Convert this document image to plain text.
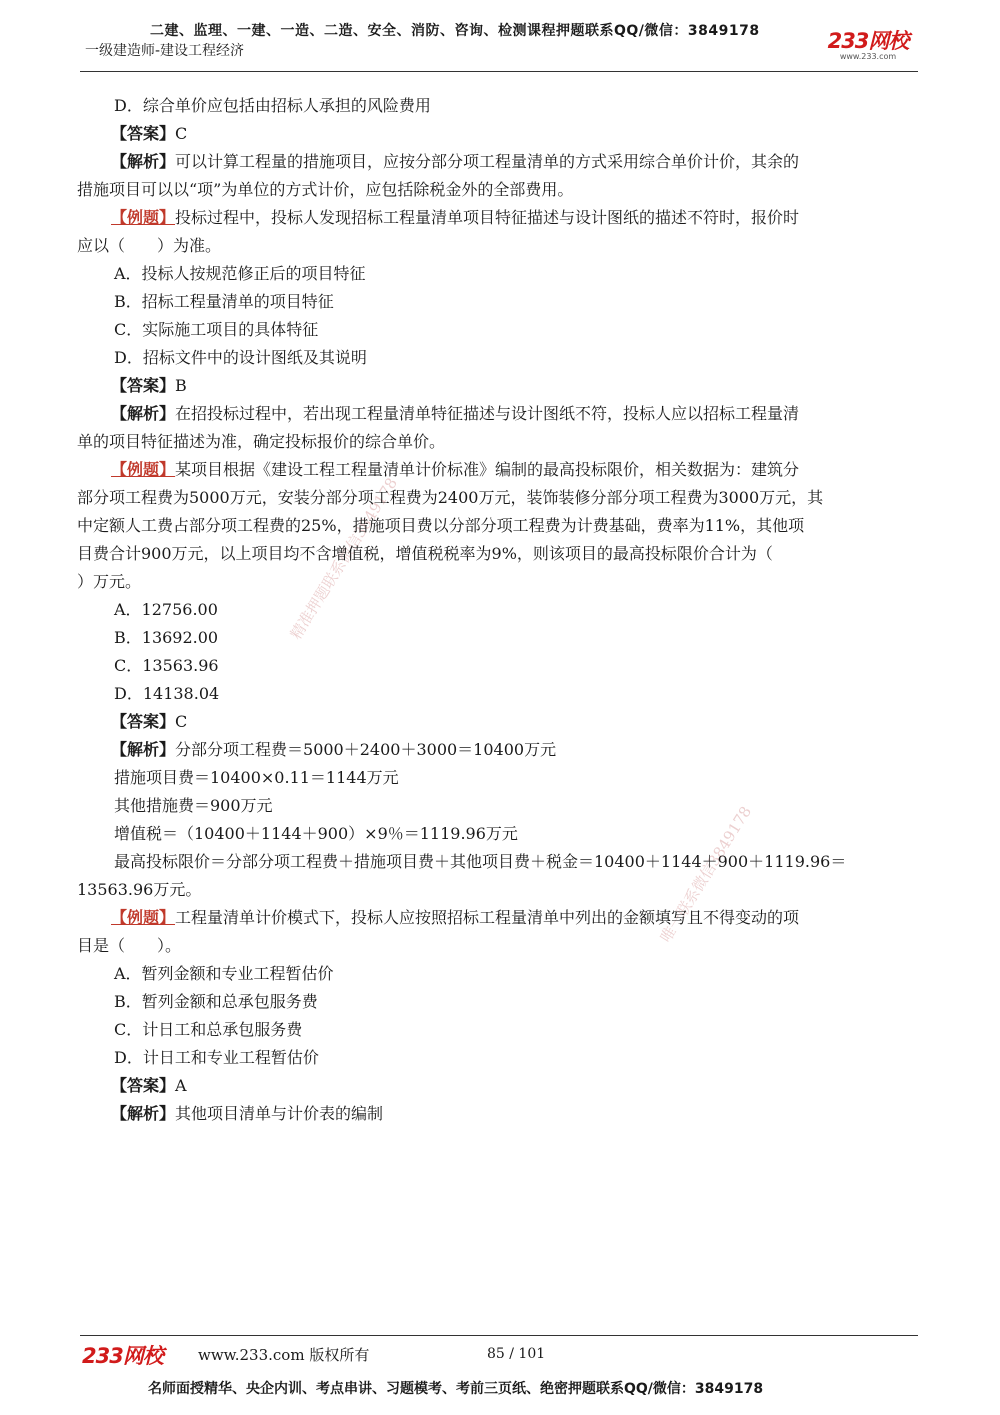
二建、监理、一建、一造、二造、安全、消防、咨询、检测课程押题联系QQ/微信：3849178
一级建造师-建设工程经济	233网校
www.233.com
精准押题联系微信3849178
唯一联系微信3849178
D．综合单价应包括由招标人承担的风险费用
【答案】C
【解析】可以计算工程量的措施项目，应按分部分项工程量清单的方式采用综合单价计价，其余的
措施项目可以以“项”为单位的方式计价，应包括除税金外的全部费用。
【例题】投标过程中，投标人发现招标工程量清单项目特征描述与设计图纸的描述不符时，报价时
应以（　　）为准。
A．投标人按规范修正后的项目特征
B．招标工程量清单的项目特征
C．实际施工项目的具体特征
D．招标文件中的设计图纸及其说明
【答案】B
【解析】在招投标过程中，若出现工程量清单特征描述与设计图纸不符，投标人应以招标工程量清
单的项目特征描述为准，确定投标报价的综合单价。
【例题】某项目根据《建设工程工程量清单计价标准》编制的最高投标限价，相关数据为：建筑分
部分项工程费为5000万元，安装分部分项工程费为2400万元，装饰装修分部分项工程费为3000万元，其
中定额人工费占部分项工程费的25%，措施项目费以分部分项工程费为计费基础，费率为11%，其他项
目费合计900万元，以上项目均不含增值税，增值税税率为9%，则该项目的最高投标限价合计为（
）万元。
A．12756.00
B．13692.00
C．13563.96
D．14138.04
【答案】C
【解析】分部分项工程费＝5000＋2400＋3000＝10400万元
措施项目费＝10400×0.11＝1144万元
其他措施费＝900万元
增值税＝（10400＋1144＋900）×9％＝1119.96万元
最高投标限价＝分部分项工程费＋措施项目费＋其他项目费＋税金＝10400＋1144＋900＋1119.96＝
13563.96万元。
【例题】工程量清单计价模式下，投标人应按照招标工程量清单中列出的金额填写且不得变动的项
目是（　　）。
A．暂列金额和专业工程暂估价
B．暂列金额和总承包服务费
C．计日工和总承包服务费
D．计日工和专业工程暂估价
【答案】A
【解析】其他项目清单与计价表的编制
233网校 www.233.com 版权所有	85 / 101
名师面授精华、央企内训、考点串讲、习题模考、考前三页纸、绝密押题联系QQ/微信：3849178
